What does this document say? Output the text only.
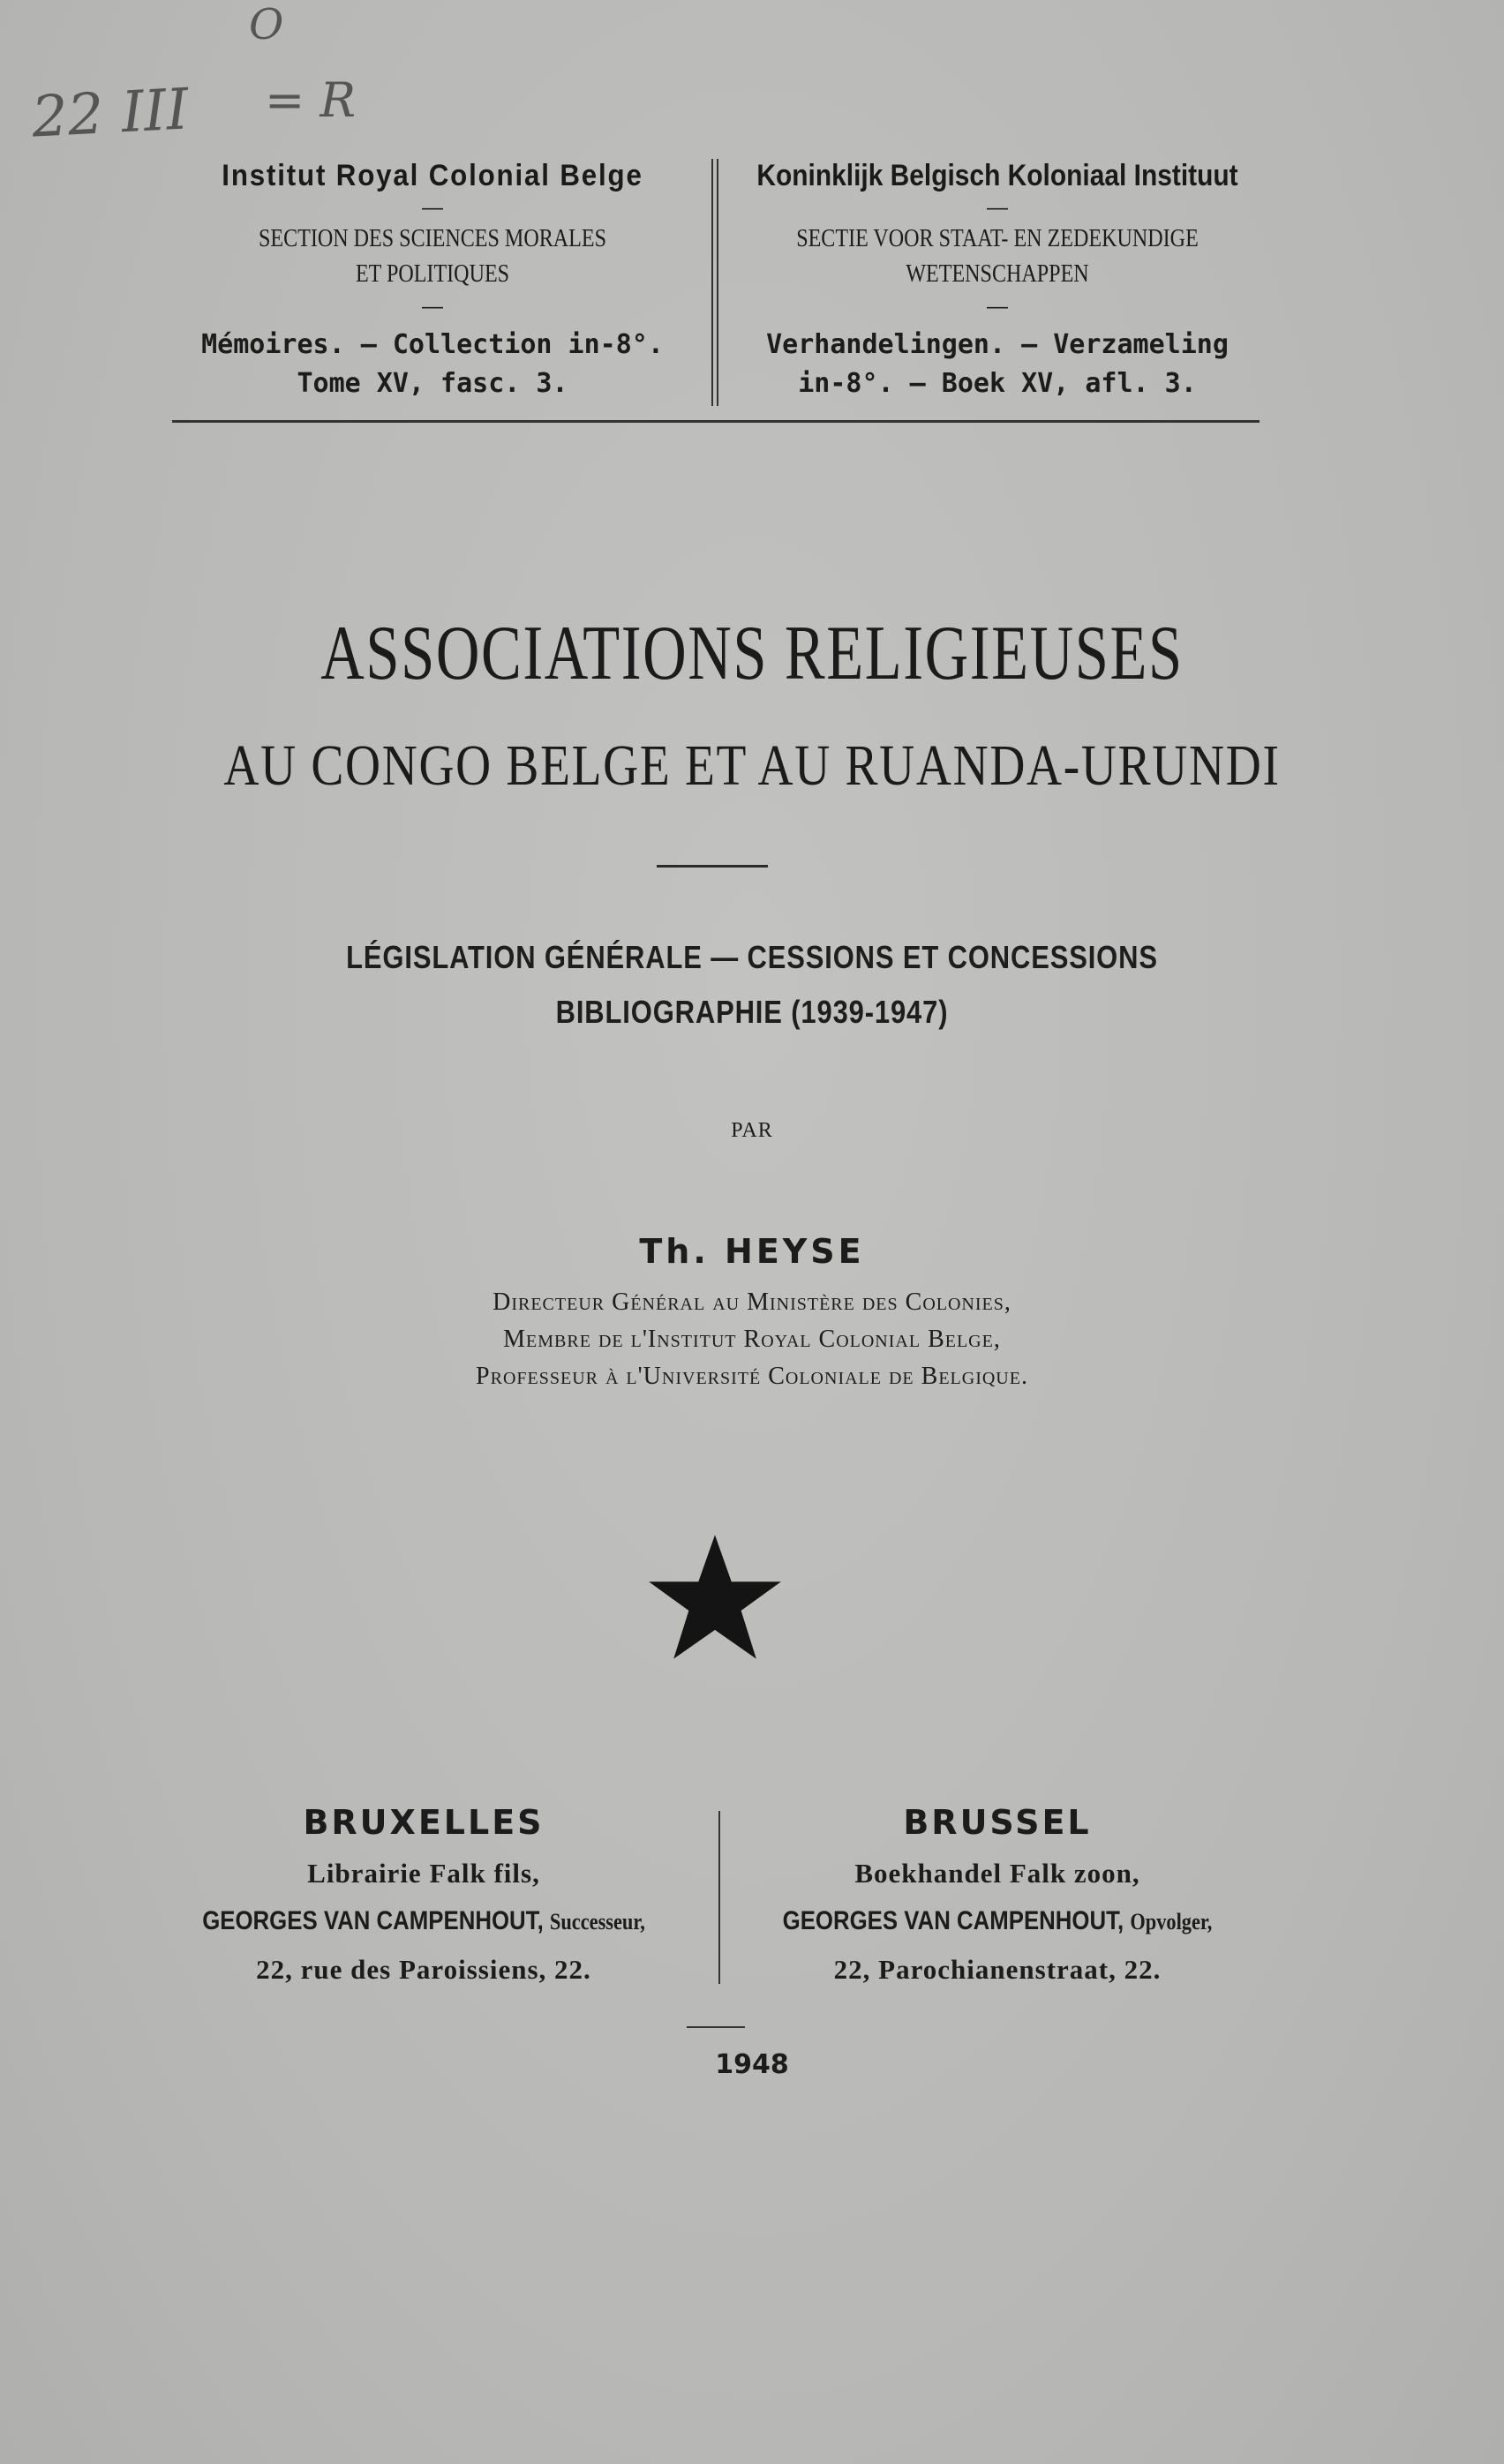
O
22 III = R
Institut Royal Colonial Belge
—
SECTION DES SCIENCES MORALES
ET POLITIQUES
—
Mémoires. — Collection in-8°.
Tome XV, fasc. 3.
Koninklijk Belgisch Koloniaal Instituut
—
SECTIE VOOR STAAT- EN ZEDEKUNDIGE
WETENSCHAPPEN
—
Verhandelingen. — Verzameling
in-8°. — Boek XV, afl. 3.
ASSOCIATIONS RELIGIEUSES
AU CONGO BELGE ET AU RUANDA-URUNDI
LÉGISLATION GÉNÉRALE — CESSIONS ET CONCESSIONS
BIBLIOGRAPHIE (1939-1947)
PAR
Th. HEYSE
Directeur Général au Ministère des Colonies,
Membre de l'Institut Royal Colonial Belge,
Professeur à l'Université Coloniale de Belgique.
BRUXELLES
Librairie Falk fils,
GEORGES VAN CAMPENHOUT, Successeur,
22, rue des Paroissiens, 22.
BRUSSEL
Boekhandel Falk zoon,
GEORGES VAN CAMPENHOUT, Opvolger,
22, Parochianenstraat, 22.
1948
